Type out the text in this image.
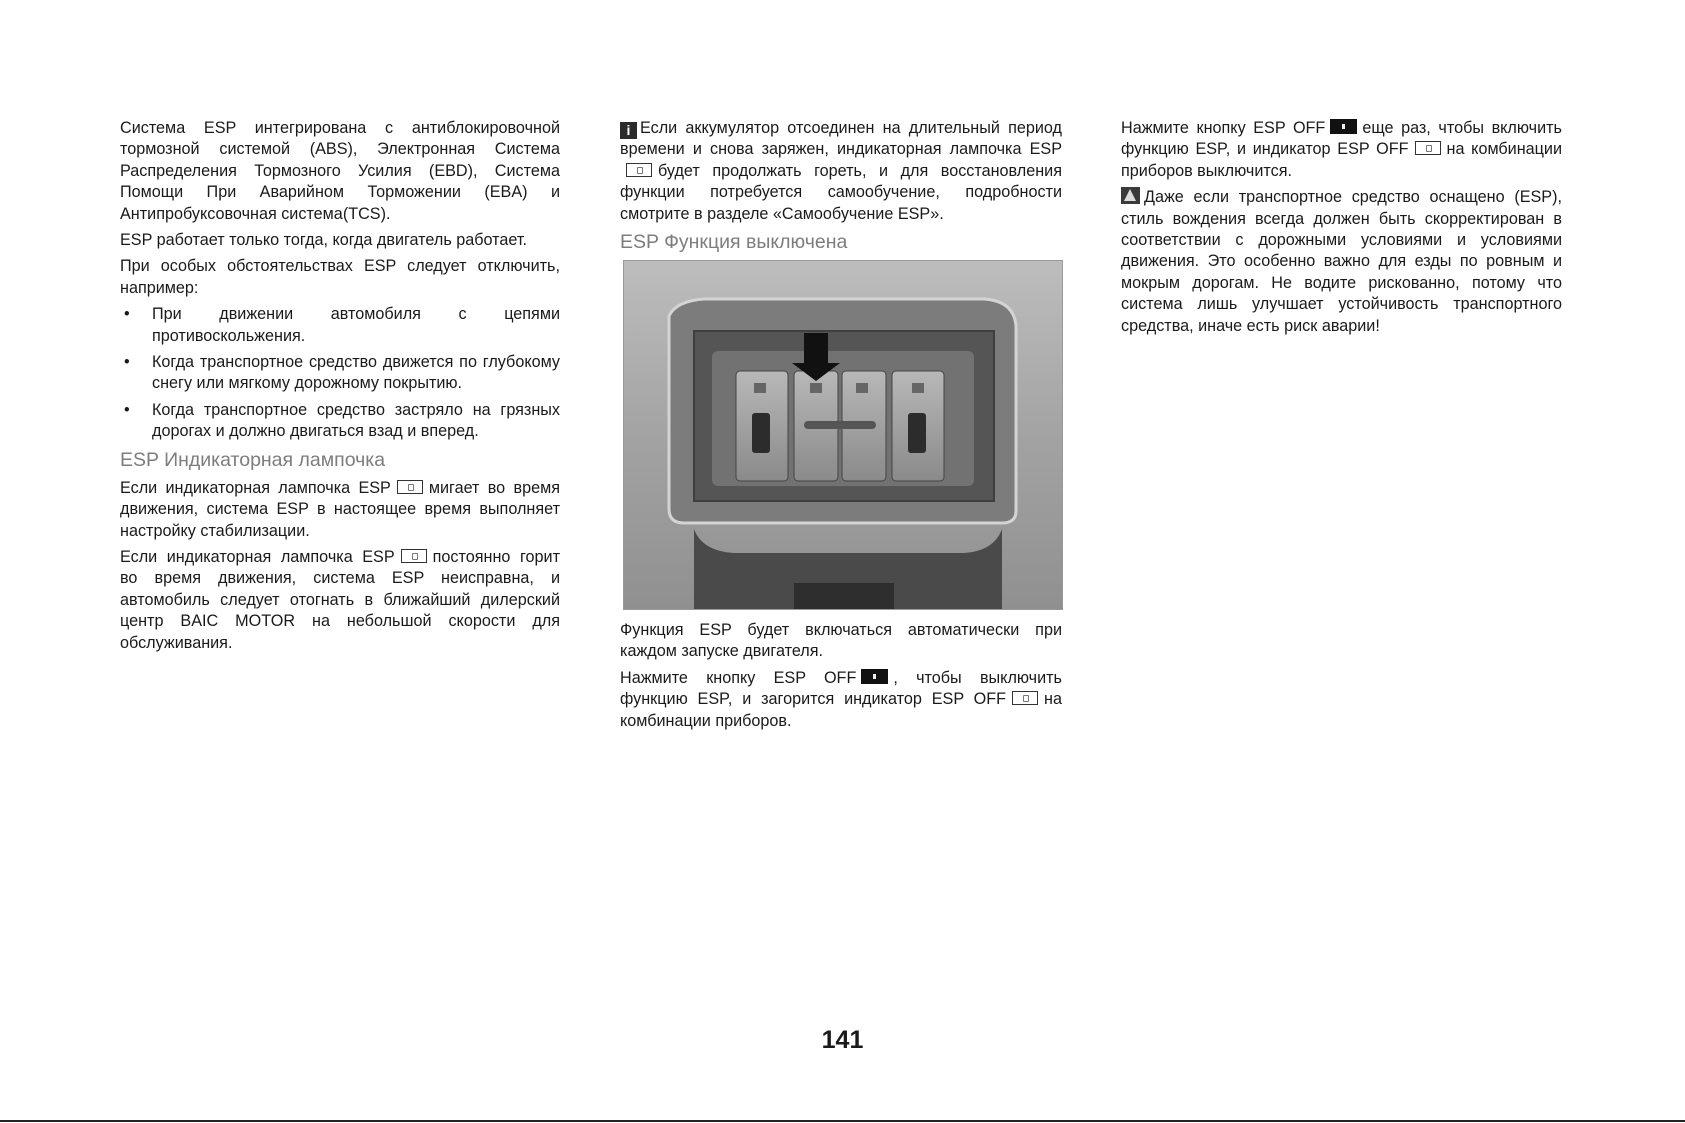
Система ESP интегрирована с антиблокировочной тормозной системой (ABS), Электронная Система Распределения Тормозного Усилия (EBD), Система Помощи При Аварийном Торможении (EBA) и Антипробуксовочная система(TCS).

ESP работает только тогда, когда двигатель работает.

При особых обстоятельствах ESP следует отключить, например:

• При движении автомобиля с цепями противоскольжения.
• Когда транспортное средство движется по глубокому снегу или мягкому дорожному покрытию.
• Когда транспортное средство застряло на грязных дорогах и должно двигаться взад и вперед.
ESP Индикаторная лампочка

Если индикаторная лампочка ESP мигает во время движения, система ESP в настоящее время выполняет настройку стабилизации.

Если индикаторная лампочка ESP постоянно горит во время движения, система ESP неисправна, и автомобиль следует отогнать в ближайший дилерский центр BAIC MOTOR на небольшой скорости для обслуживания.

i Если аккумулятор отсоединен на длительный период времени и снова заряжен, индикаторная лампочка ESPбудет продолжать гореть, и для восстановления функции потребуется самообучение, подробности смотрите в разделе «Самообучение ESP».

ESP Функция выключена

Функция ESP будет включаться автоматически при каждом запуске двигателя.

Нажмите кнопку ESP OFF , чтобы выключить функцию ESP, и загорится индикатор ESP OFF на комбинации приборов.

Нажмите кнопку ESP OFF еще раз, чтобы включить функцию ESP, и индикатор ESP OFF на комбинации приборов выключится.

Даже если транспортное средство оснащено (ESP), стиль вождения всегда должен быть скорректирован в соответствии с дорожными условиями и условиями движения. Это особенно важно для езды по ровным и мокрым дорогам. Не водите рискованно, потому что система лишь улучшает устойчивость транспортного средства, иначе есть риск аварии!

141
